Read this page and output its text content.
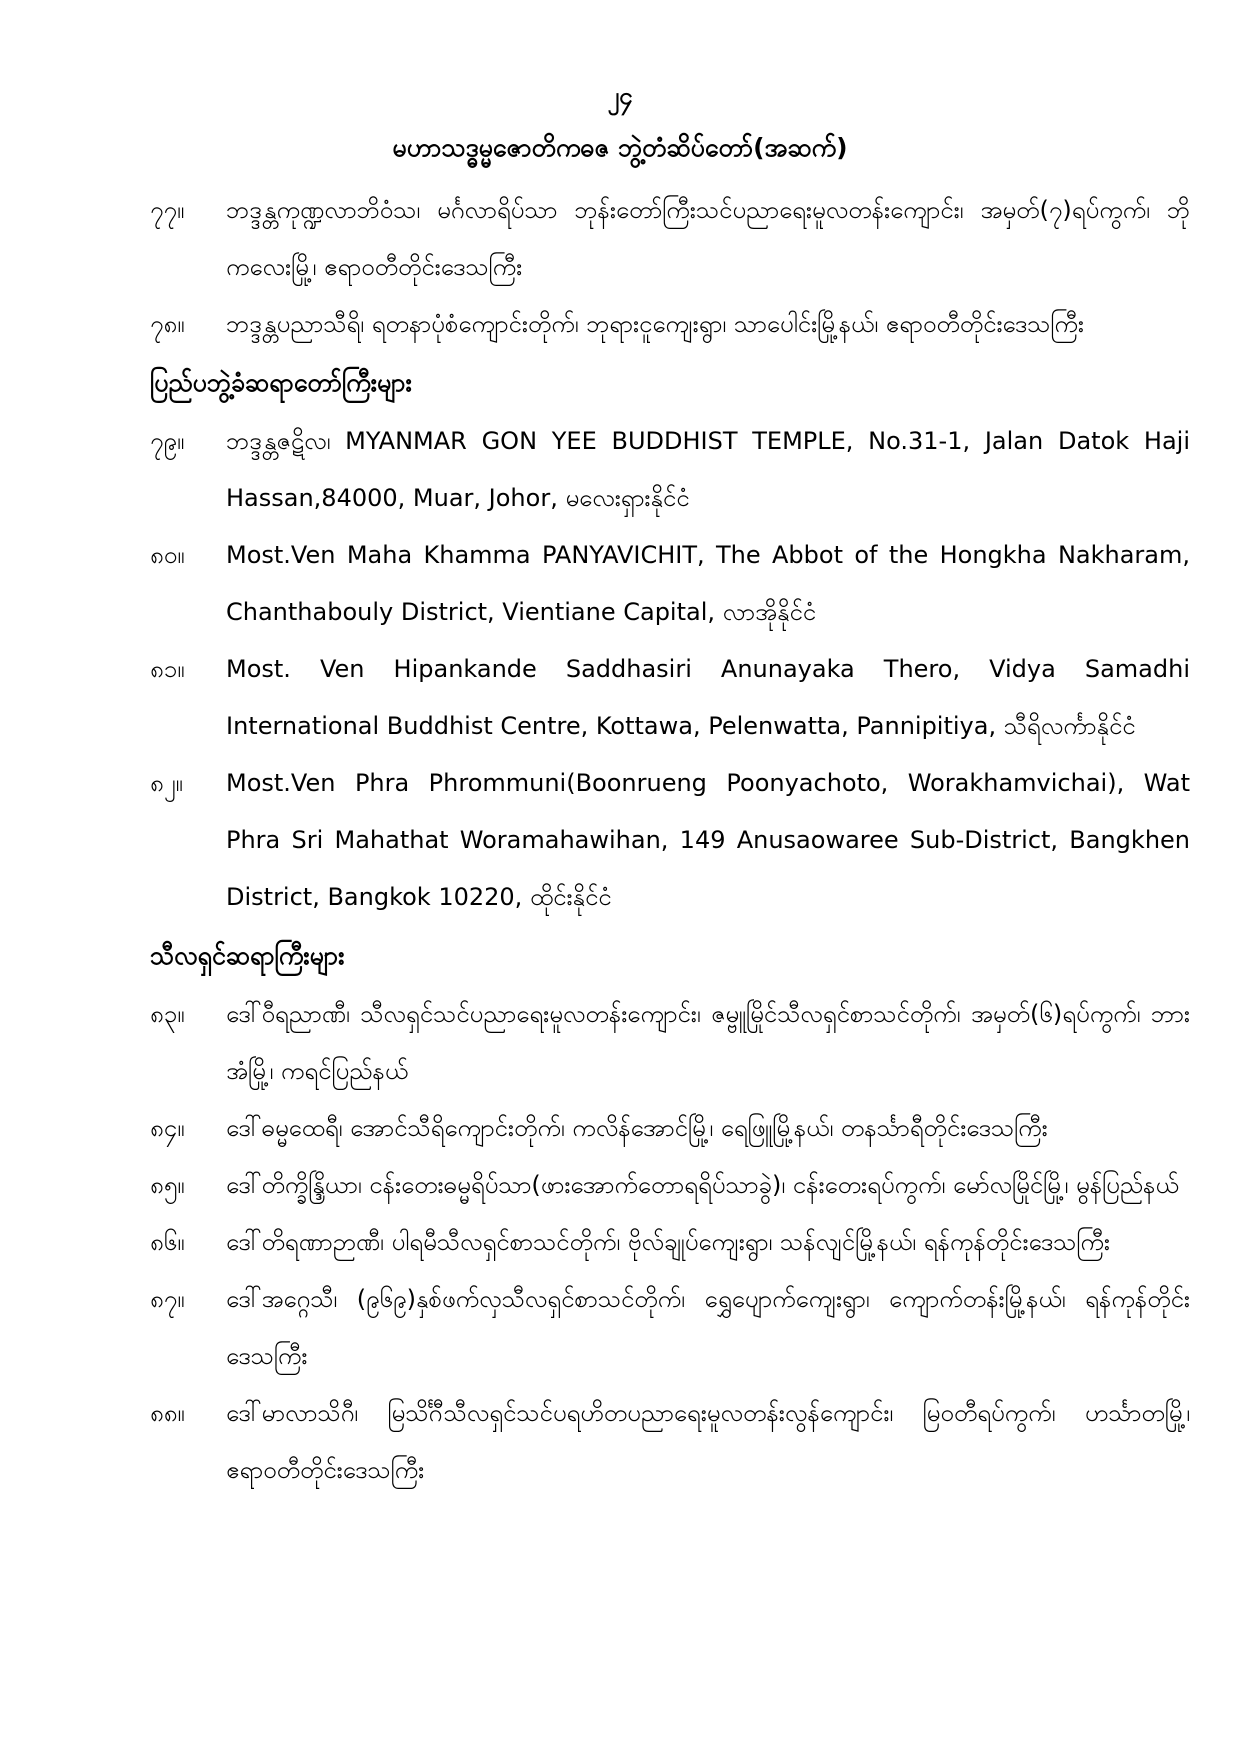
၂၄
မဟာသဒ္ဓမ္မဇောတိကဓဇ ဘွဲ့တံဆိပ်တော်(အဆက်)
၇၇။	ဘဒ္ဒန္တကုဏ္ဍလာဘိဝံသ၊ မင်္ဂလာရိပ်သာ ဘုန်းတော်ကြီးသင်ပညာရေးမူလတန်းကျောင်း၊ အမှတ်(၇)ရပ်ကွက်၊ ဘိုကလေးမြို့၊ ဧရာဝတီတိုင်းဒေသကြီး
၇၈။	ဘဒ္ဒန္တပညာသီရိ၊ ရတနာပုံစံကျောင်းတိုက်၊ ဘုရားငူကျေးရွာ၊ သာပေါင်းမြို့နယ်၊ ဧရာဝတီတိုင်းဒေသကြီး
ပြည်ပဘွဲ့ခံဆရာတော်ကြီးများ
၇၉။	ဘဒ္ဒန္တဇဋိလ၊ MYANMAR GON YEE BUDDHIST TEMPLE, No.31-1, Jalan Datok Haji Hassan,84000, Muar, Johor, မလေးရှားနိုင်ငံ
၈၀။	Most.Ven Maha Khamma PANYAVICHIT, The Abbot of the Hongkha Nakharam, Chanthabouly District, Vientiane Capital, လာအိုနိုင်ငံ
၈၁။	Most. Ven Hipankande Saddhasiri Anunayaka Thero, Vidya Samadhi International Buddhist Centre, Kottawa, Pelenwatta, Pannipitiya, သီရိလင်္ကာနိုင်ငံ
၈၂။	Most.Ven Phra Phrommuni(Boonrueng Poonyachoto, Worakhamvichai), Wat Phra Sri Mahathat Woramahawihan, 149 Anusaowaree Sub-District, Bangkhen District, Bangkok 10220, ထိုင်းနိုင်ငံ
သီလရှင်ဆရာကြီးများ
၈၃။	ဒေါ်ဝီရညာဏီ၊ သီလရှင်သင်ပညာရေးမူလတန်းကျောင်း၊ ဇမ္ဗူမြိုင်သီလရှင်စာသင်တိုက်၊ အမှတ်(၆)ရပ်ကွက်၊ ဘားအံမြို့၊ ကရင်ပြည်နယ်
၈၄။	ဒေါ်ဓမ္မထေရီ၊ အောင်သီရိကျောင်းတိုက်၊ ကလိန်အောင်မြို့၊ ရေဖြူမြို့နယ်၊ တနင်္သာရီတိုင်းဒေသကြီး
၈၅။	ဒေါ်တိက္ခိန္ဒြိယာ၊ ငန်းတေးဓမ္မရိပ်သာ(ဖားအောက်တောရရိပ်သာခွဲ)၊ ငန်းတေးရပ်ကွက်၊ မော်လမြိုင်မြို့၊ မွန်ပြည်နယ်
၈၆။	ဒေါ်တိရဏာဉာဏီ၊ ပါရမီသီလရှင်စာသင်တိုက်၊ ဗိုလ်ချုပ်ကျေးရွာ၊ သန်လျင်မြို့နယ်၊ ရန်ကုန်တိုင်းဒေသကြီး
၈၇။	ဒေါ်အဂ္ဂေသီ၊ (၉၆၉)နှစ်ဖက်လှသီလရှင်စာသင်တိုက်၊ ရွှေပျောက်ကျေးရွာ၊ ကျောက်တန်းမြို့နယ်၊ ရန်ကုန်တိုင်းဒေသကြီး
၈၈။	ဒေါ်မာလာသိဂီ၊ မြသိင်္ဂီသီလရှင်သင်ပရဟိတပညာရေးမူလတန်းလွန်ကျောင်း၊ မြဝတီရပ်ကွက်၊ ဟင်္သာတမြို့၊ ဧရာဝတီတိုင်းဒေသကြီး
